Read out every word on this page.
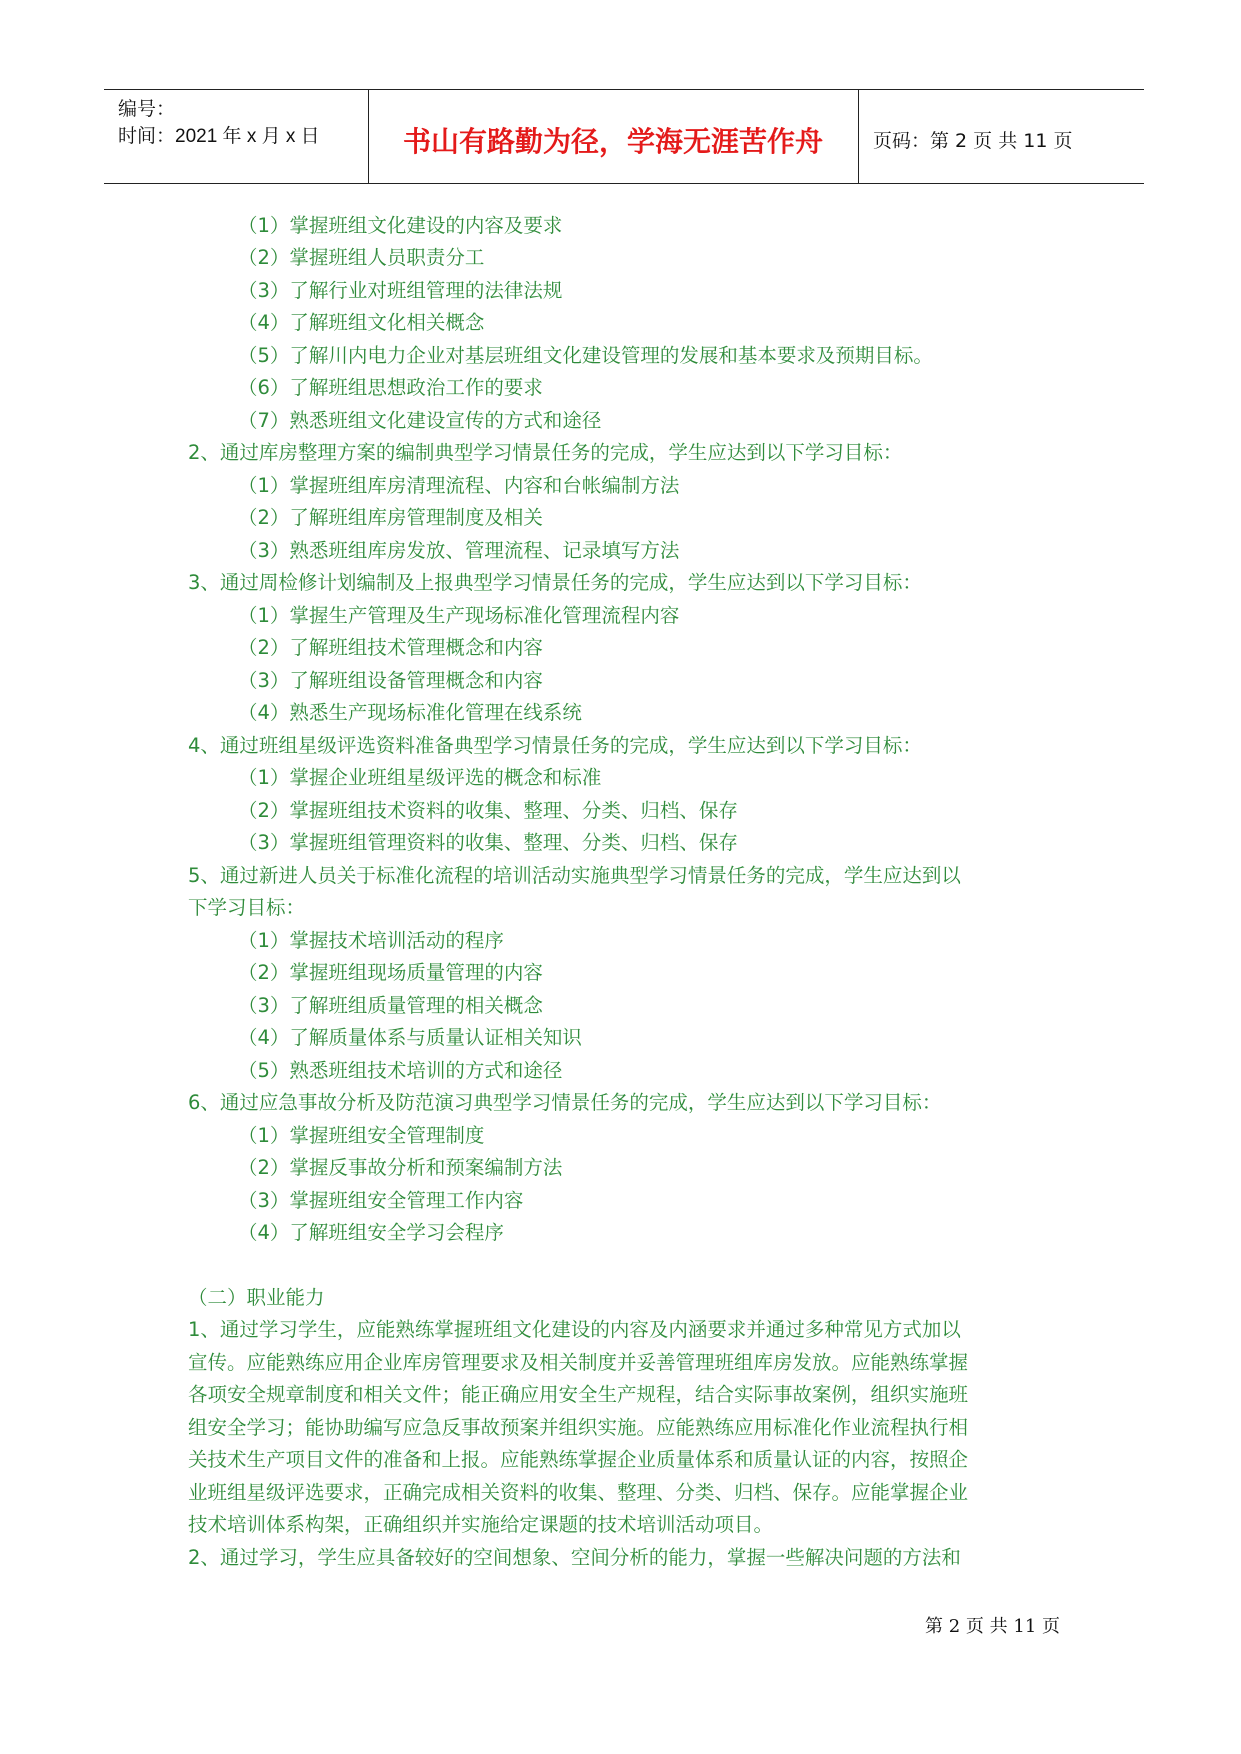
编号：
时间：2021 年 x 月 x 日	书山有路勤为径，学海无涯苦作舟	页码：第 2 页 共 11 页
（1）掌握班组文化建设的内容及要求
（2）掌握班组人员职责分工
（3）了解行业对班组管理的法律法规
（4）了解班组文化相关概念
（5）了解川内电力企业对基层班组文化建设管理的发展和基本要求及预期目标。
（6）了解班组思想政治工作的要求
（7）熟悉班组文化建设宣传的方式和途径
2、通过库房整理方案的编制典型学习情景任务的完成，学生应达到以下学习目标：
（1）掌握班组库房清理流程、内容和台帐编制方法
（2）了解班组库房管理制度及相关
（3）熟悉班组库房发放、管理流程、记录填写方法
3、通过周检修计划编制及上报典型学习情景任务的完成，学生应达到以下学习目标：
（1）掌握生产管理及生产现场标准化管理流程内容
（2）了解班组技术管理概念和内容
（3）了解班组设备管理概念和内容
（4）熟悉生产现场标准化管理在线系统
4、通过班组星级评选资料准备典型学习情景任务的完成，学生应达到以下学习目标：
（1）掌握企业班组星级评选的概念和标准
（2）掌握班组技术资料的收集、整理、分类、归档、保存
（3）掌握班组管理资料的收集、整理、分类、归档、保存
5、通过新进人员关于标准化流程的培训活动实施典型学习情景任务的完成，学生应达到以
下学习目标：
（1）掌握技术培训活动的程序
（2）掌握班组现场质量管理的内容
（3）了解班组质量管理的相关概念
（4）了解质量体系与质量认证相关知识
（5）熟悉班组技术培训的方式和途径
6、通过应急事故分析及防范演习典型学习情景任务的完成，学生应达到以下学习目标：
（1）掌握班组安全管理制度
（2）掌握反事故分析和预案编制方法
（3）掌握班组安全管理工作内容
（4）了解班组安全学习会程序
（二）职业能力
1、通过学习学生，应能熟练掌握班组文化建设的内容及内涵要求并通过多种常见方式加以
宣传。应能熟练应用企业库房管理要求及相关制度并妥善管理班组库房发放。应能熟练掌握
各项安全规章制度和相关文件；能正确应用安全生产规程，结合实际事故案例，组织实施班
组安全学习；能协助编写应急反事故预案并组织实施。应能熟练应用标准化作业流程执行相
关技术生产项目文件的准备和上报。应能熟练掌握企业质量体系和质量认证的内容，按照企
业班组星级评选要求，正确完成相关资料的收集、整理、分类、归档、保存。应能掌握企业
技术培训体系构架，正确组织并实施给定课题的技术培训活动项目。
2、通过学习，学生应具备较好的空间想象、空间分析的能力，掌握一些解决问题的方法和
第 2 页 共 11 页
